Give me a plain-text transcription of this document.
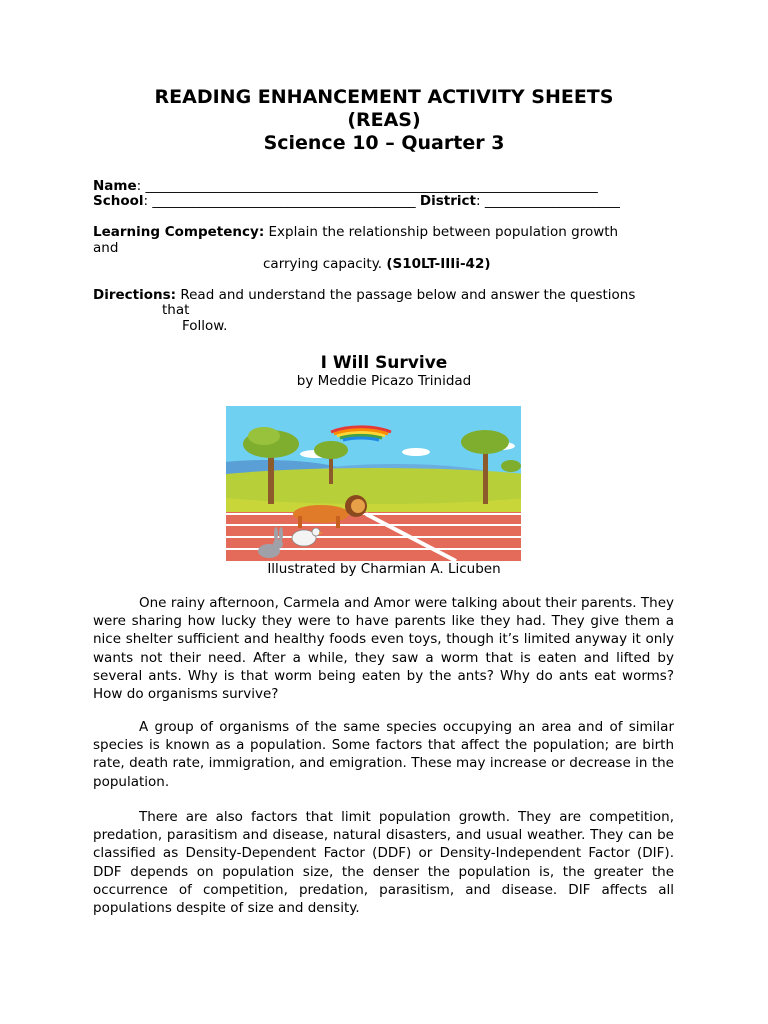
READING ENHANCEMENT ACTIVITY SHEETS
(REAS)
Science 10 – Quarter 3
Name: ___________________________________________________________________
School: _______________________________________ District: ____________________
Learning Competency: Explain the relationship between population growth
and
carrying capacity. (S10LT-IIIi-42)
Directions: Read and understand the passage below and answer the questions
that
Follow.
I Will Survive
by Meddie Picazo Trinidad
Illustrated by Charmian A. Licuben
One rainy afternoon, Carmela and Amor were talking about their parents. They were sharing how lucky they were to have parents like they had. They give them a nice shelter sufficient and healthy foods even toys, though it’s limited anyway it only wants not their need. After a while, they saw a worm that is eaten and lifted by several ants. Why is that worm being eaten by the ants? Why do ants eat worms? How do organisms survive?
A group of organisms of the same species occupying an area and of similar species is known as a population. Some factors that affect the population; are birth rate, death rate, immigration, and emigration. These may increase or decrease in the population.
There are also factors that limit population growth. They are competition, predation, parasitism and disease, natural disasters, and usual weather. They can be classified as Density-Dependent Factor (DDF) or Density-Independent Factor (DIF). DDF depends on population size, the denser the population is, the greater the occurrence of competition, predation, parasitism, and disease. DIF affects all populations despite of size and density.
